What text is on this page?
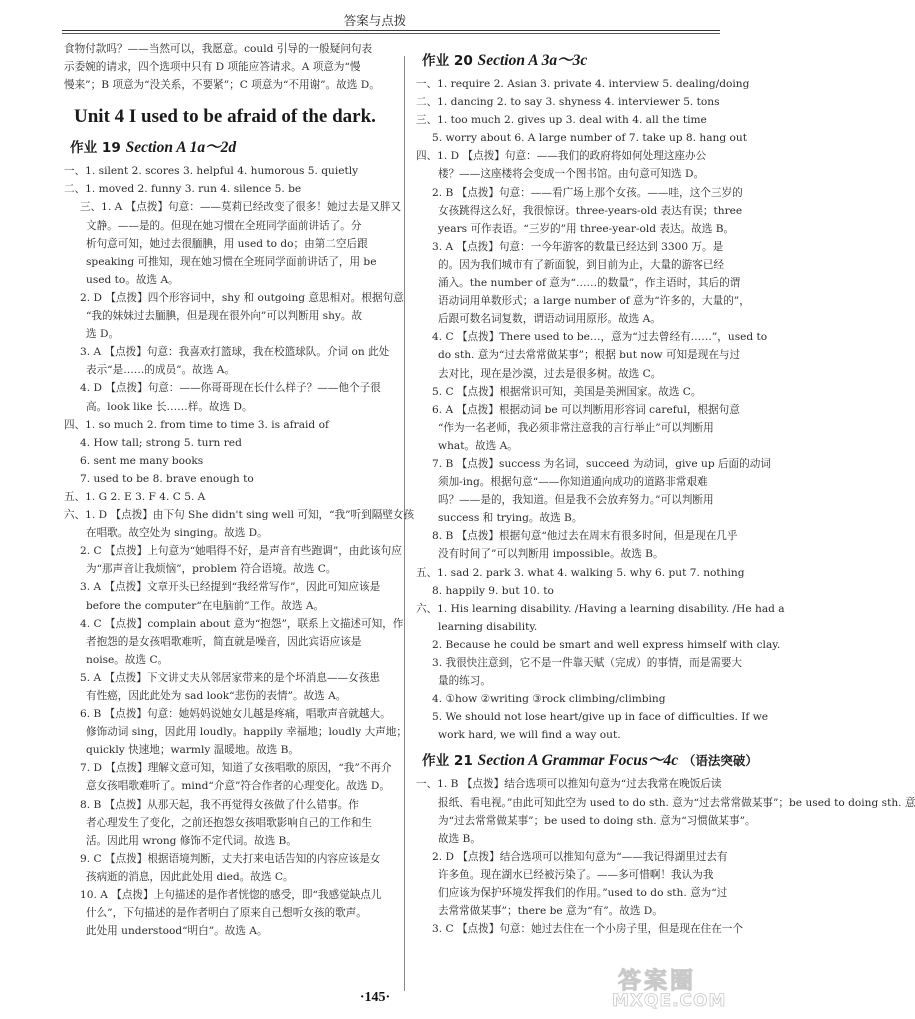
答案与点拨
食物付款吗？——当然可以，我愿意。could 引导的一般疑问句表
示委婉的请求，四个选项中只有 D 项能应答请求。A 项意为“慢
慢来”；B 项意为“没关系，不要紧”；C 项意为“不用谢”。故选 D。
Unit 4 I used to be afraid of the dark.
作业 19 Section A 1a～2d
一、1. silent 2. scores 3. helpful 4. humorous 5. quietly
二、1. moved 2. funny 3. run 4. silence 5. be
三、1. A 【点拨】句意：——莫莉已经改变了很多！她过去是又胖又
文静。——是的。但现在她习惯在全班同学面前讲话了。分
析句意可知，她过去很腼腆，用 used to do；由第二空后跟
speaking 可推知，现在她习惯在全班同学面前讲话了，用 be
used to。故选 A。
2. D 【点拨】四个形容词中，shy 和 outgoing 意思相对。根据句意
“我的妹妹过去腼腆，但是现在很外向”可以判断用 shy。故
选 D。
3. A 【点拨】句意：我喜欢打篮球，我在校篮球队。介词 on 此处
表示“是……的成员”。故选 A。
4. D 【点拨】句意：——你哥哥现在长什么样子？——他个子很
高。look like 长……样。故选 D。
四、1. so much 2. from time to time 3. is afraid of
4. How tall; strong 5. turn red
6. sent me many books
7. used to be 8. brave enough to
五、1. G 2. E 3. F 4. C 5. A
六、1. D 【点拨】由下句 She didn't sing well 可知，“我”听到隔壁女孩
在唱歌。故空处为 singing。故选 D。
2. C 【点拨】上句意为“她唱得不好，是声音有些跑调”，由此该句应
为“那声音让我烦恼”，problem 符合语境。故选 C。
3. A 【点拨】文章开头已经提到“我经常写作”，因此可知应该是
before the computer“在电脑前”工作。故选 A。
4. C 【点拨】complain about 意为“抱怨”，联系上文描述可知，作
者抱怨的是女孩唱歌难听，简直就是噪音，因此宾语应该是
noise。故选 C。
5. A 【点拨】下文讲丈夫从邻居家带来的是个坏消息——女孩患
有性癌，因此此处为 sad look“悲伤的表情”。故选 A。
6. B 【点拨】句意：她妈妈说她女儿越是疼痛，唱歌声音就越大。
修饰动词 sing，因此用 loudly。happily 幸福地；loudly 大声地；
quickly 快速地；warmly 温暖地。故选 B。
7. D 【点拨】理解文意可知，知道了女孩唱歌的原因，“我”不再介
意女孩唱歌难听了。mind“介意”符合作者的心理变化。故选 D。
8. B 【点拨】从那天起，我不再觉得女孩做了什么错事。作
者心理发生了变化，之前还抱怨女孩唱歌影响自己的工作和生
活。因此用 wrong 修饰不定代词。故选 B。
9. C 【点拨】根据语境判断，丈夫打来电话告知的内容应该是女
孩病逝的消息，因此此处用 died。故选 C。
10. A 【点拨】上句描述的是作者恍惚的感受，即“我感觉缺点儿
什么”，下句描述的是作者明白了原来自己想听女孩的歌声。
此处用 understood“明白”。故选 A。
作业 20 Section A 3a～3c
一、1. require 2. Asian 3. private 4. interview 5. dealing/doing
二、1. dancing 2. to say 3. shyness 4. interviewer 5. tons
三、1. too much 2. gives up 3. deal with 4. all the time
5. worry about 6. A large number of 7. take up 8. hang out
四、1. D 【点拨】句意：——我们的政府将如何处理这座办公
楼？——这座楼将会变成一个图书馆。由句意可知选 D。
2. B 【点拨】句意：——看广场上那个女孩。——哇，这个三岁的
女孩跳得这么好，我很惊讶。three-years-old 表达有误；three
years 可作表语。“三岁的”用 three-year-old 表达。故选 B。
3. A 【点拨】句意：一今年游客的数量已经达到 3300 万。是
的。因为我们城市有了新面貌，到目前为止，大量的游客已经
涌入。the number of 意为“……的数量”，作主语时，其后的谓
语动词用单数形式；a large number of 意为“许多的，大量的”，
后跟可数名词复数，谓语动词用原形。故选 A。
4. C 【点拨】There used to be…，意为“过去曾经有……”，used to
do sth. 意为“过去常常做某事”；根据 but now 可知是现在与过
去对比，现在是沙漠，过去是很多树。故选 C。
5. C 【点拨】根据常识可知，美国是美洲国家。故选 C。
6. A 【点拨】根据动词 be 可以判断用形容词 careful，根据句意
“作为一名老师，我必须非常注意我的言行举止”可以判断用
what。故选 A。
7. B 【点拨】success 为名词，succeed 为动词，give up 后面的动词
须加-ing。根据句意“——你知道通向成功的道路非常艰难
吗？——是的，我知道。但是我不会放弃努力。”可以判断用
success 和 trying。故选 B。
8. B 【点拨】根据句意“他过去在周末有很多时间，但是现在几乎
没有时间了”可以判断用 impossible。故选 B。
五、1. sad 2. park 3. what 4. walking 5. why 6. put 7. nothing
8. happily 9. but 10. to
六、1. His learning disability. /Having a learning disability. /He had a
learning disability.
2. Because he could be smart and well express himself with clay.
3. 我很快注意到，它不是一件靠天赋（完成）的事情，而是需要大
量的练习。
4. ①how ②writing ③rock climbing/climbing
5. We should not lose heart/give up in face of difficulties. If we
work hard, we will find a way out.
作业 21 Section A Grammar Focus～4c （语法突破）
一、1. B 【点拨】结合选项可以推知句意为“过去我常在晚饭后读
报纸、看电视。”由此可知此空为 used to do sth. 意为“过去常常做某事”；be used to doing sth. 意
为“过去常常做某事”；be used to doing sth. 意为“习惯做某事”。
故选 B。
2. D 【点拨】结合选项可以推知句意为“——我记得湖里过去有
许多鱼。现在湖水已经被污染了。——多可惜啊！我认为我
们应该为保护环境发挥我们的作用。”used to do sth. 意为“过
去常常做某事”；there be 意为“有”。故选 D。
3. C 【点拨】句意：她过去住在一个小房子里，但是现在住在一个
·145·
答案圈
MXQE.COM
